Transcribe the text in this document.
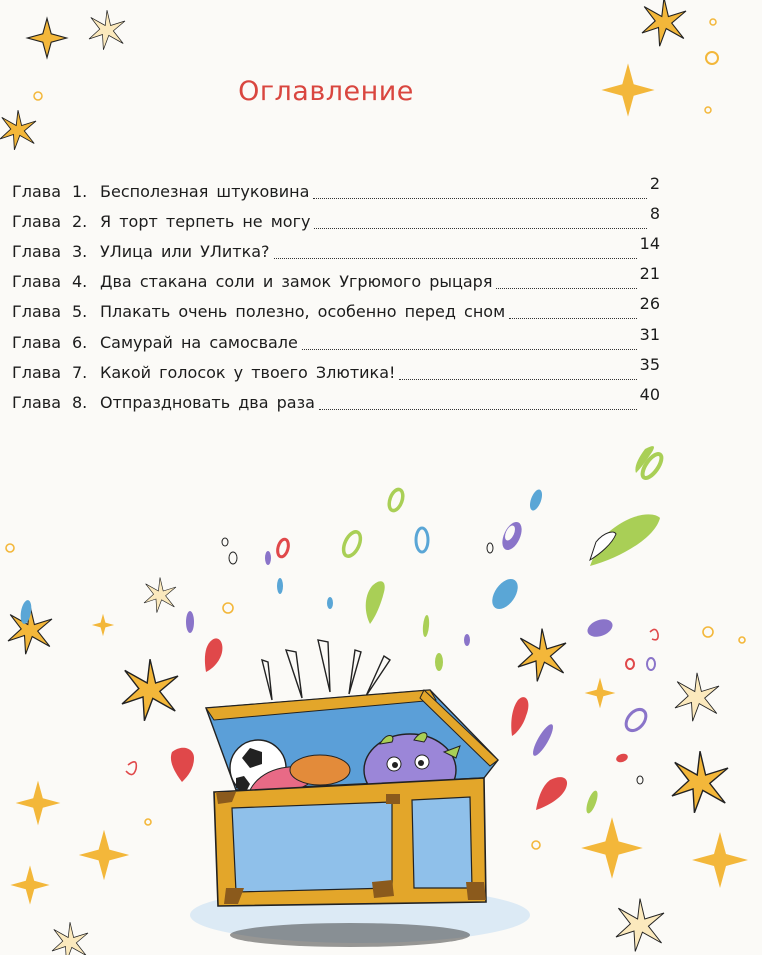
Оглавление
Глава 1. Бесполезная штуковина	2
Глава 2. Я торт терпеть не могу	8
Глава 3. УЛица или УЛитка?	14
Глава 4. Два стакана соли и замок Угрюмого рыцаря	21
Глава 5. Плакать очень полезно, особенно перед сном	26
Глава 6. Самурай на самосвале	31
Глава 7. Какой голосок у твоего Злютика!	35
Глава 8. Отпраздновать два раза	40
